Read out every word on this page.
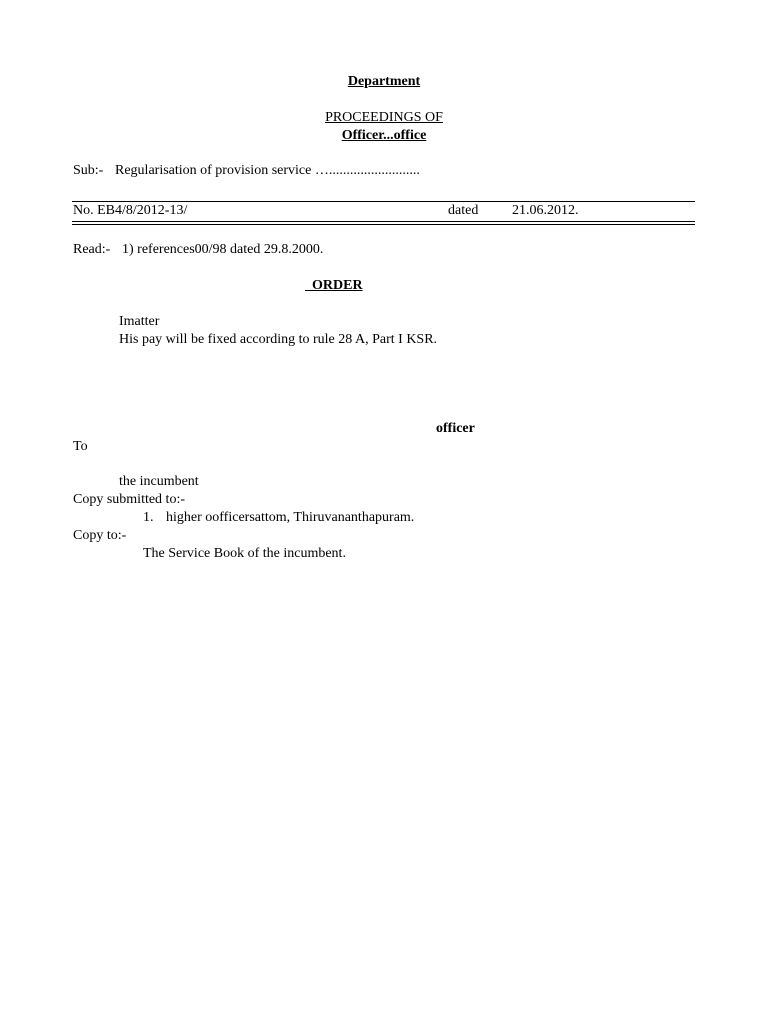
Department
PROCEEDINGS OF
Officer...office
Sub:- Regularisation of provision service …..........................
No. EB4/8/2012-13/	dated 21.06.2012.
Read:- 1) references00/98 dated 29.8.2000.
ORDER
Imatter
His pay will be fixed according to rule 28 A, Part I KSR.
officer
To
the incumbent
Copy submitted to:-
1. higher oofficersattom, Thiruvananthapuram.
Copy to:-
The Service Book of the incumbent.
